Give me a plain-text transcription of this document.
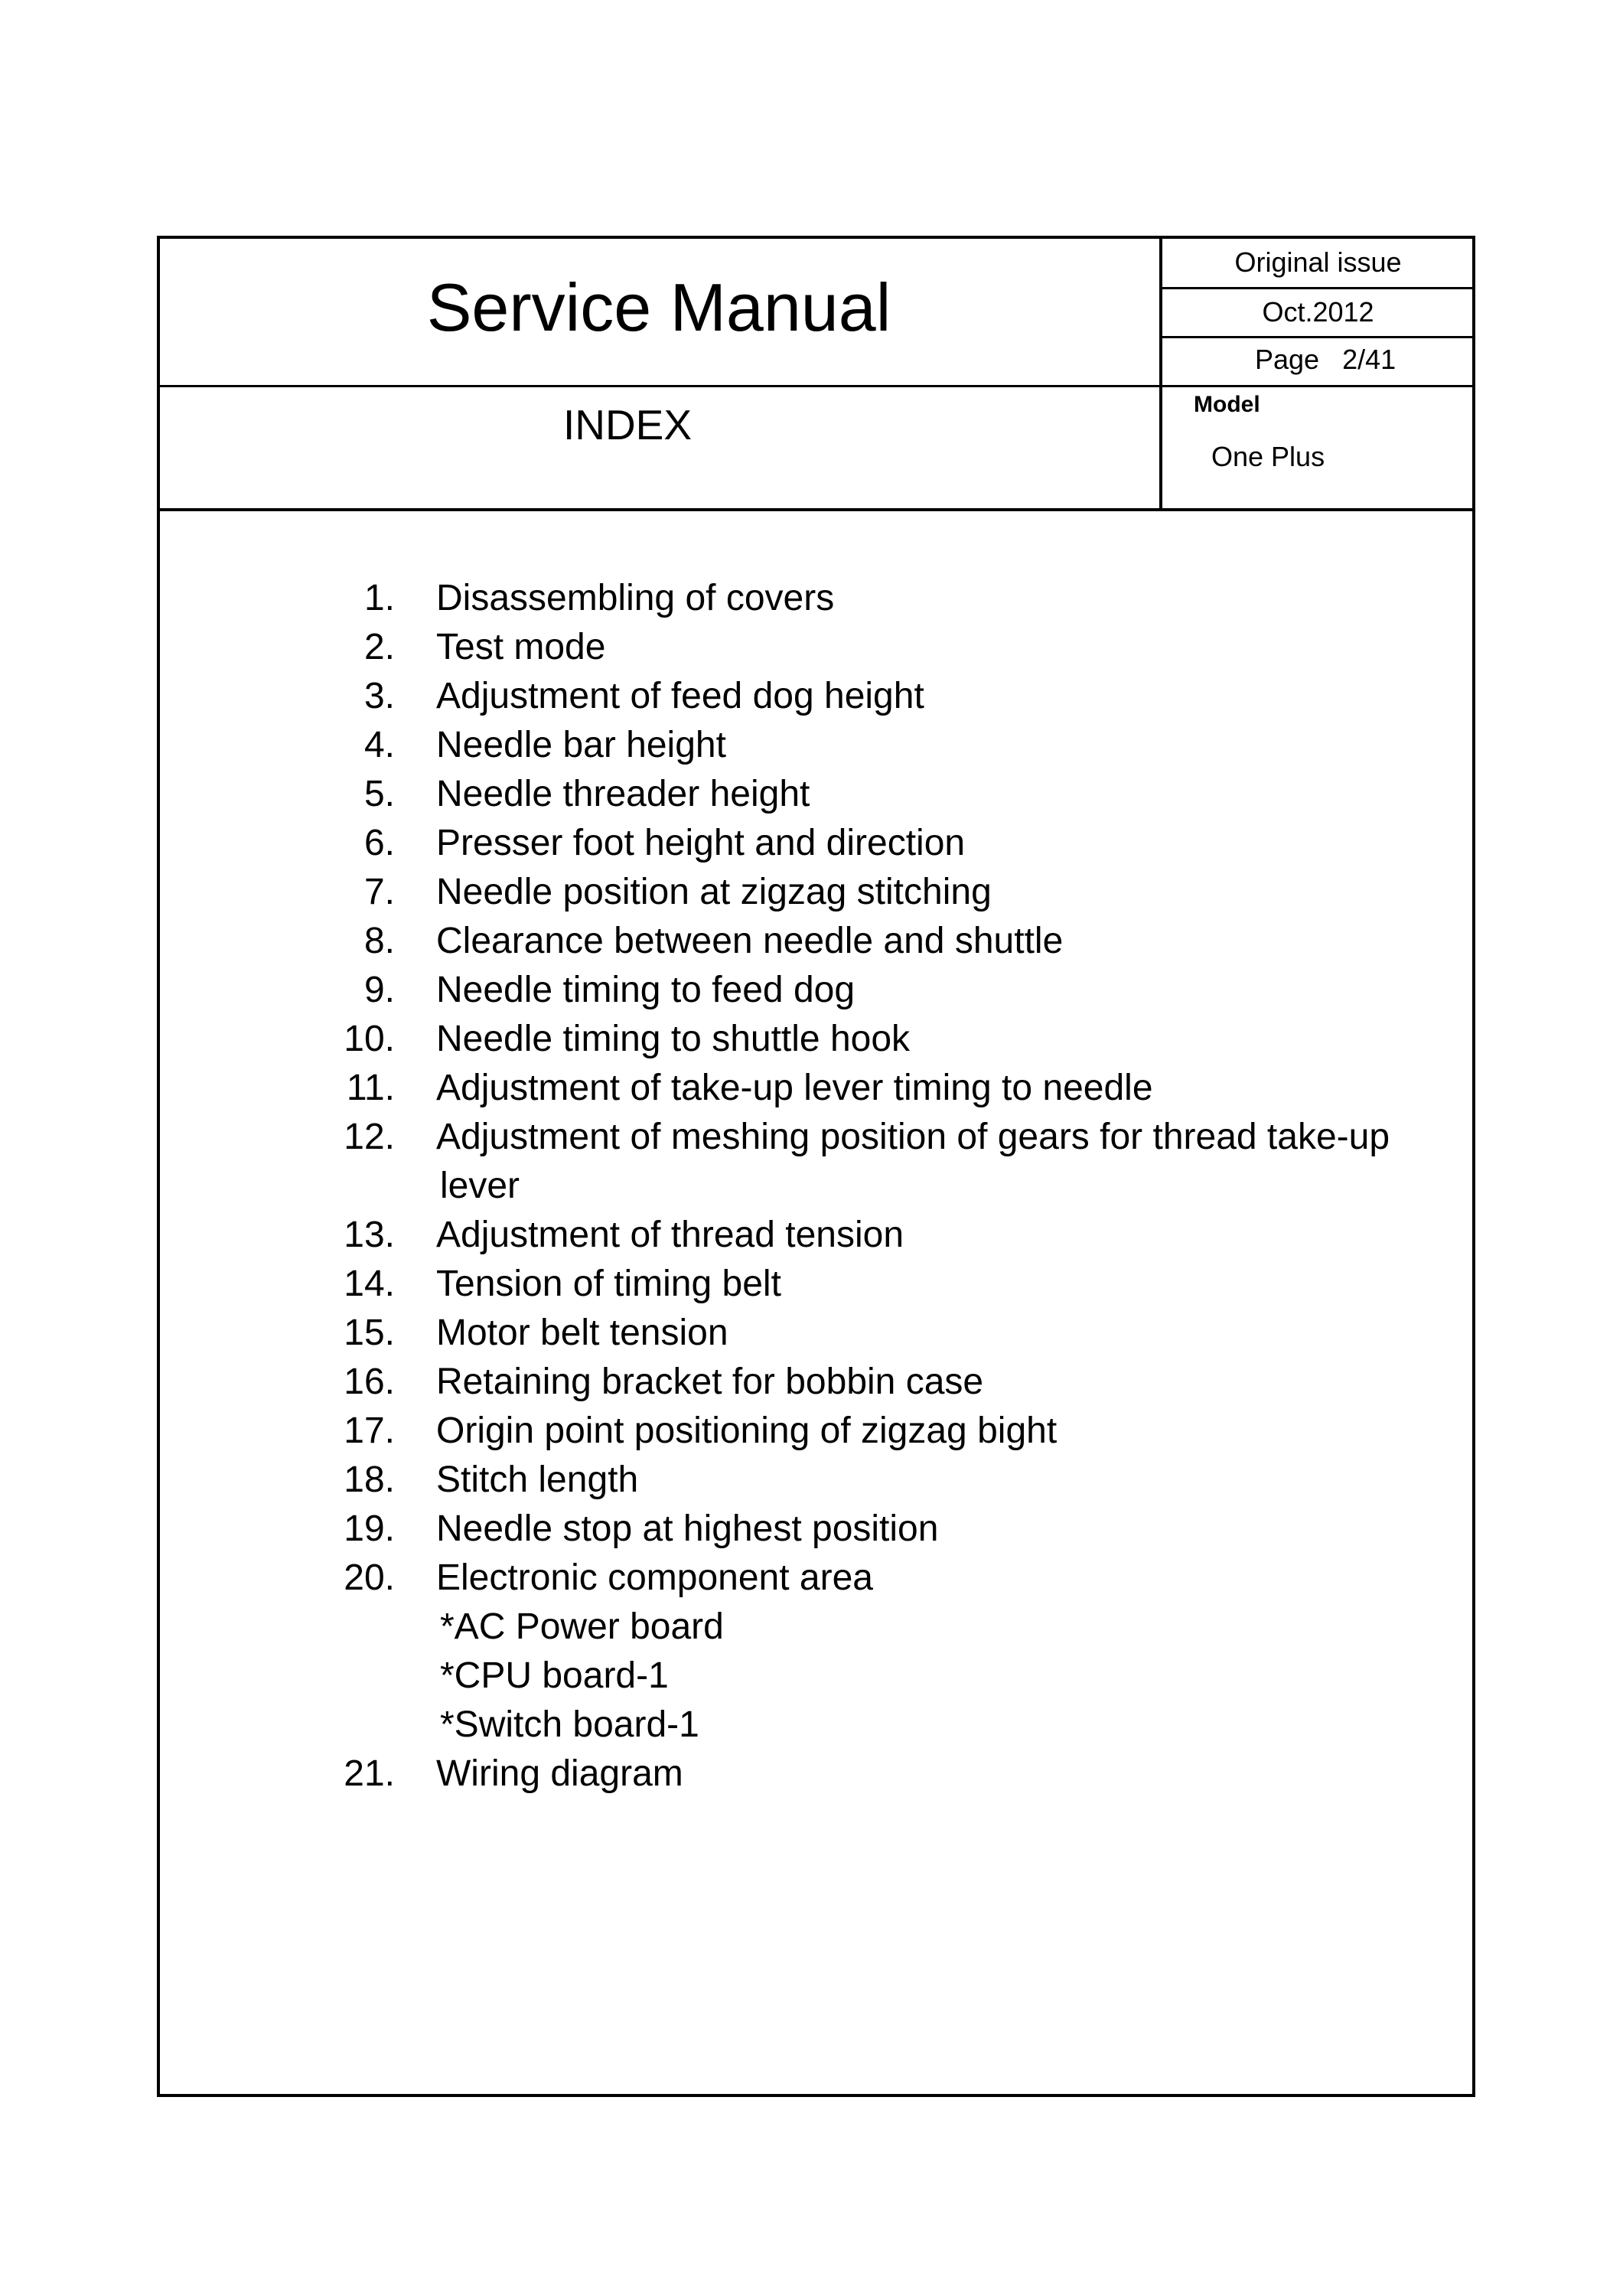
Service Manual
INDEX
Original issue
Oct.2012
Page 2/41
Model
One Plus
1. Disassembling of covers
2. Test mode
3. Adjustment of feed dog height
4. Needle bar height
5. Needle threader height
6. Presser foot height and direction
7. Needle position at zigzag stitching
8. Clearance between needle and shuttle
9. Needle timing to feed dog
10. Needle timing to shuttle hook
11. Adjustment of take-up lever timing to needle
12. Adjustment of meshing position of gears for thread take-up
lever
13. Adjustment of thread tension
14. Tension of timing belt
15. Motor belt tension
16. Retaining bracket for bobbin case
17. Origin point positioning of zigzag bight
18. Stitch length
19. Needle stop at highest position
20. Electronic component area
*AC Power board
*CPU board-1
*Switch board-1
21. Wiring diagram
